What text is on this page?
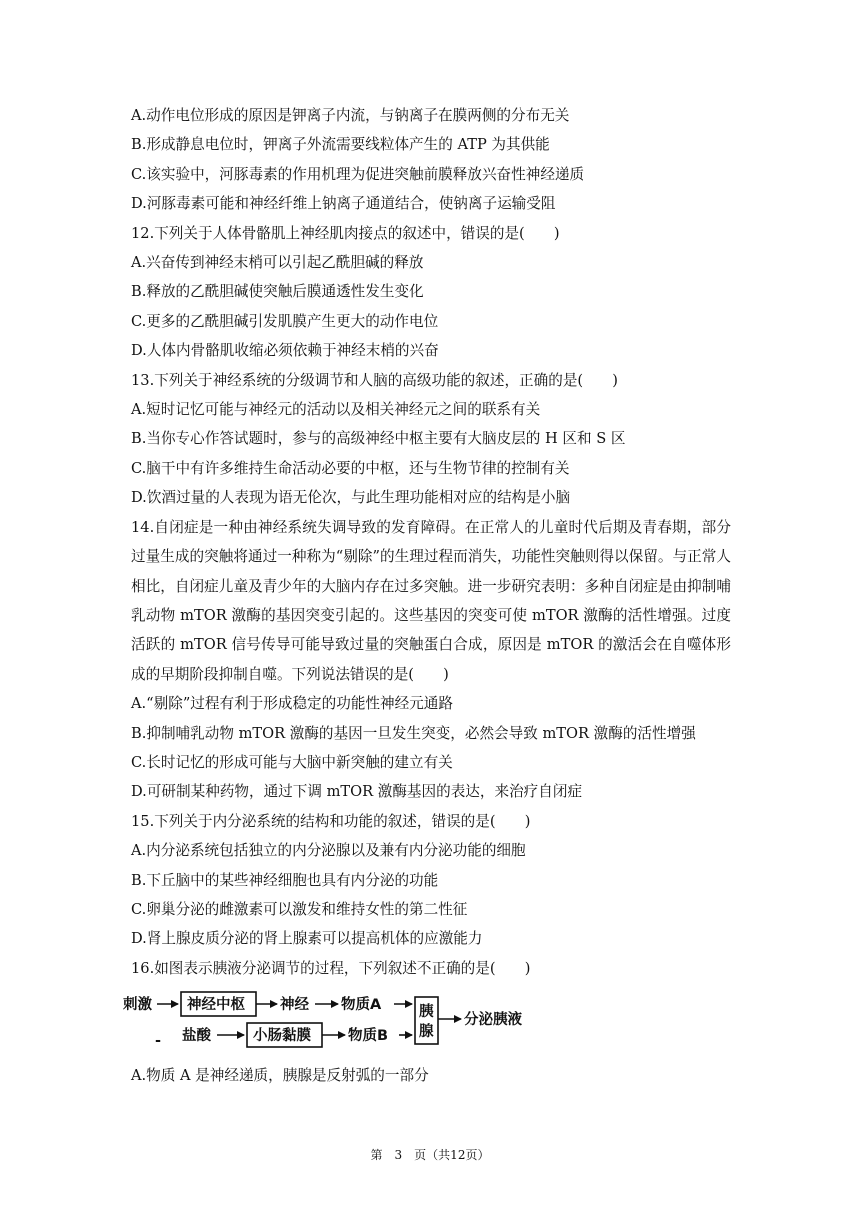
A.动作电位形成的原因是钾离子内流，与钠离子在膜两侧的分布无关
B.形成静息电位时，钾离子外流需要线粒体产生的 ATP 为其供能
C.该实验中，河豚毒素的作用机理为促进突触前膜释放兴奋性神经递质
D.河豚毒素可能和神经纤维上钠离子通道结合，使钠离子运输受阻
12.下列关于人体骨骼肌上神经肌肉接点的叙述中，错误的是(　　)
A.兴奋传到神经末梢可以引起乙酰胆碱的释放
B.释放的乙酰胆碱使突触后膜通透性发生变化
C.更多的乙酰胆碱引发肌膜产生更大的动作电位
D.人体内骨骼肌收缩必须依赖于神经末梢的兴奋
13.下列关于神经系统的分级调节和人脑的高级功能的叙述，正确的是(　　)
A.短时记忆可能与神经元的活动以及相关神经元之间的联系有关
B.当你专心作答试题时，参与的高级神经中枢主要有大脑皮层的 H 区和 S 区
C.脑干中有许多维持生命活动必要的中枢，还与生物节律的控制有关
D.饮酒过量的人表现为语无伦次，与此生理功能相对应的结构是小脑
14.自闭症是一种由神经系统失调导致的发育障碍。在正常人的儿童时代后期及青春期，部分过量生成的突触将通过一种称为“剔除”的生理过程而消失，功能性突触则得以保留。与正常人相比，自闭症儿童及青少年的大脑内存在过多突触。进一步研究表明：多种自闭症是由抑制哺乳动物 mTOR 激酶的基因突变引起的。这些基因的突变可使 mTOR 激酶的活性增强。过度活跃的 mTOR 信号传导可能导致过量的突触蛋白合成，原因是 mTOR 的激活会在自噬体形成的早期阶段抑制自噬。下列说法错误的是(　　)
A.“剔除”过程有利于形成稳定的功能性神经元通路
B.抑制哺乳动物 mTOR 激酶的基因一旦发生突变，必然会导致 mTOR 激酶的活性增强
C.长时记忆的形成可能与大脑中新突触的建立有关
D.可研制某种药物，通过下调 mTOR 激酶基因的表达，来治疗自闭症
15.下列关于内分泌系统的结构和功能的叙述，错误的是(　　)
A.内分泌系统包括独立的内分泌腺以及兼有内分泌功能的细胞
B.下丘脑中的某些神经细胞也具有内分泌的功能
C.卵巢分泌的雌激素可以激发和维持女性的第二性征
D.肾上腺皮质分泌的肾上腺素可以提高机体的应激能力
16.如图表示胰液分泌调节的过程，下列叙述不正确的是(　　)
刺激 神经中枢 神经 物质A	胰
腺
分泌胰液
- 盐酸	小肠黏膜	物质B
A.物质 A 是神经递质，胰腺是反射弧的一部分
第　3　页（共12页）
